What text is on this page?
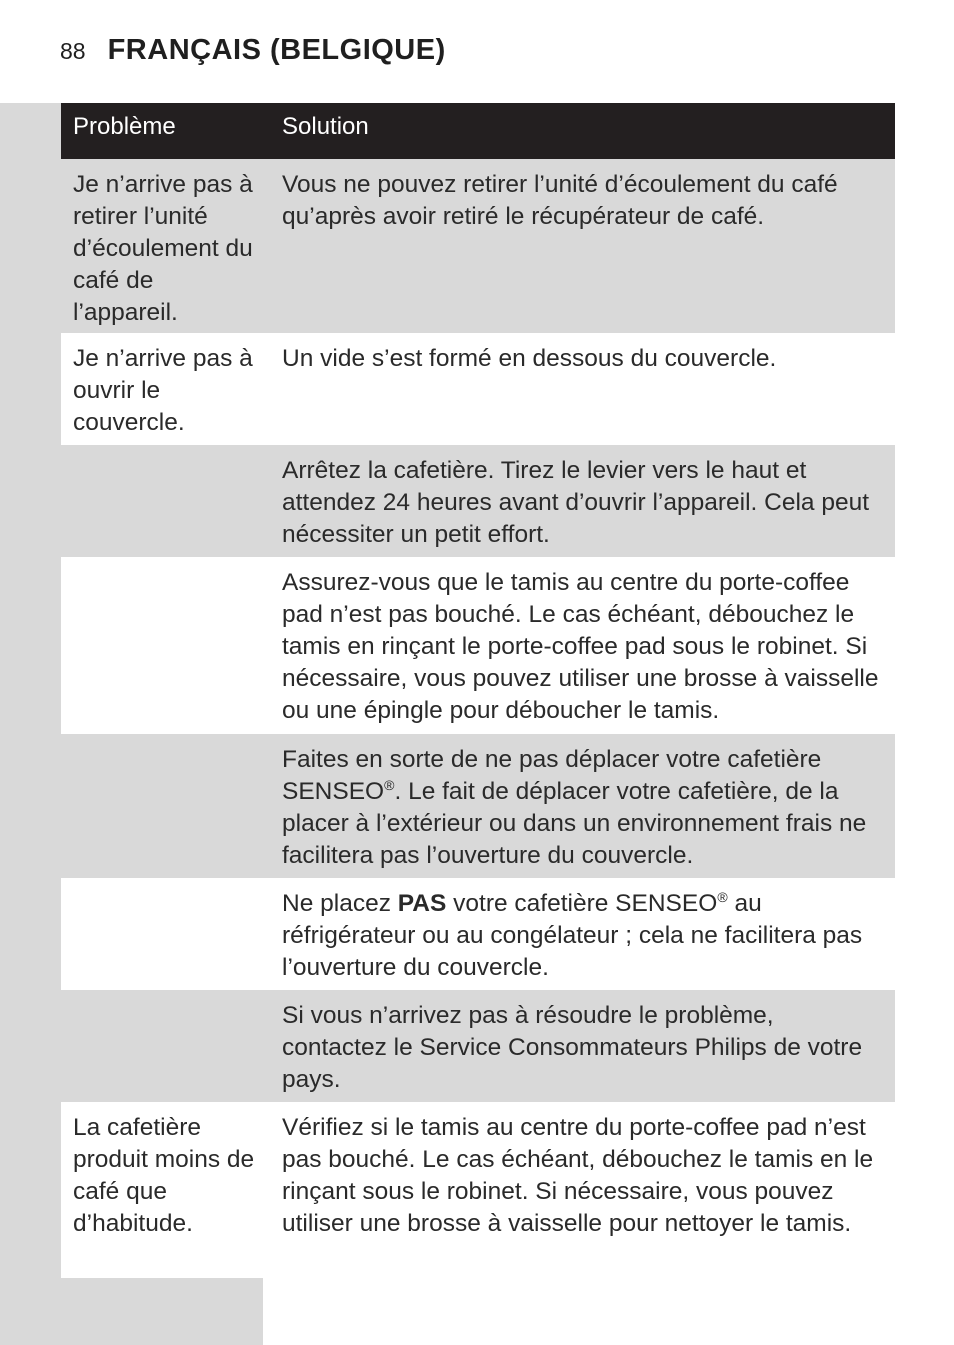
88 FRANÇAIS (BELGIQUE)
Problème	Solution
Je n’arrive pas à retirer l’unité d’écoulement du café de l’appareil.
Vous ne pouvez retirer l’unité d’écoulement du café qu’après avoir retiré le récupérateur de café.
Je n’arrive pas à ouvrir le couvercle.
Un vide s’est formé en dessous du couvercle.
Arrêtez la cafetière. Tirez le levier vers le haut et attendez 24 heures avant d’ouvrir l’appareil. Cela peut nécessiter un petit effort.
Assurez-vous que le tamis au centre du porte-coffee pad n’est pas bouché. Le cas échéant, débouchez le tamis en rinçant le porte-coffee pad sous le robinet. Si nécessaire, vous pouvez utiliser une brosse à vaisselle ou une épingle pour déboucher le tamis.
Faites en sorte de ne pas déplacer votre cafetière SENSEO®. Le fait de déplacer votre cafetière, de la placer à l’extérieur ou dans un environnement frais ne facilitera pas l’ouverture du couvercle.
Ne placez PAS votre cafetière SENSEO® au réfrigérateur ou au congélateur ; cela ne facilitera pas l’ouverture du couvercle.
Si vous n’arrivez pas à résoudre le problème, contactez le Service Consommateurs Philips de votre pays.
La cafetière produit moins de café que d’habitude.
Vérifiez si le tamis au centre du porte-coffee pad n’est pas bouché. Le cas échéant, débouchez le tamis en le rinçant sous le robinet. Si nécessaire, vous pouvez utiliser une brosse à vaisselle pour nettoyer le tamis.
